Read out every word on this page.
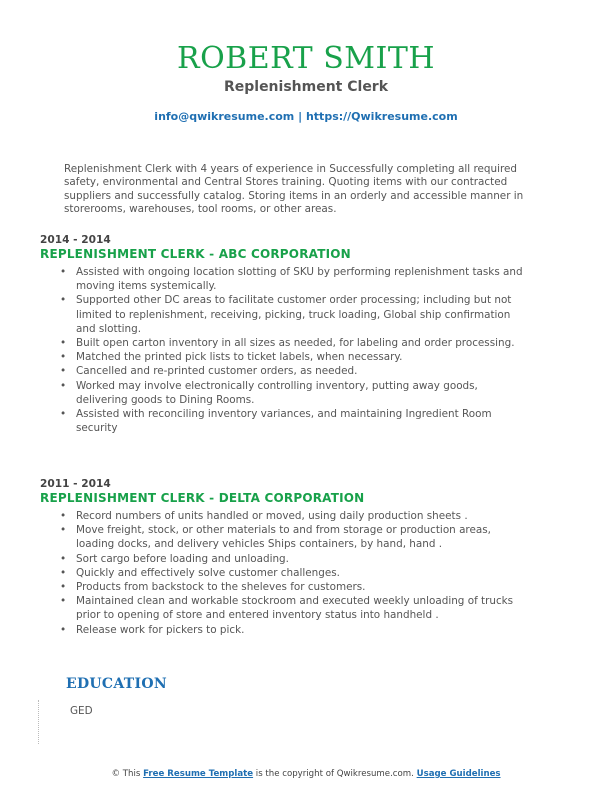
ROBERT SMITH
Replenishment Clerk
info@qwikresume.com | https://Qwikresume.com
Replenishment Clerk with 4 years of experience in Successfully completing all required safety, environmental and Central Stores training. Quoting items with our contracted suppliers and successfully catalog. Storing items in an orderly and accessible manner in storerooms, warehouses, tool rooms, or other areas.
2014 - 2014
REPLENISHMENT CLERK - ABC CORPORATION
• Assisted with ongoing location slotting of SKU by performing replenishment tasks and moving items systemically.
• Supported other DC areas to facilitate customer order processing; including but not limited to replenishment, receiving, picking, truck loading, Global ship confirmation and slotting.
• Built open carton inventory in all sizes as needed, for labeling and order processing.
• Matched the printed pick lists to ticket labels, when necessary.
• Cancelled and re-printed customer orders, as needed.
• Worked may involve electronically controlling inventory, putting away goods, delivering goods to Dining Rooms.
• Assisted with reconciling inventory variances, and maintaining Ingredient Room security
2011 - 2014
REPLENISHMENT CLERK - DELTA CORPORATION
• Record numbers of units handled or moved, using daily production sheets .
• Move freight, stock, or other materials to and from storage or production areas, loading docks, and delivery vehicles Ships containers, by hand, hand .
• Sort cargo before loading and unloading.
• Quickly and effectively solve customer challenges.
• Products from backstock to the sheleves for customers.
• Maintained clean and workable stockroom and executed weekly unloading of trucks prior to opening of store and entered inventory status into handheld .
• Release work for pickers to pick.
EDUCATION
GED
© This Free Resume Template is the copyright of Qwikresume.com. Usage Guidelines
